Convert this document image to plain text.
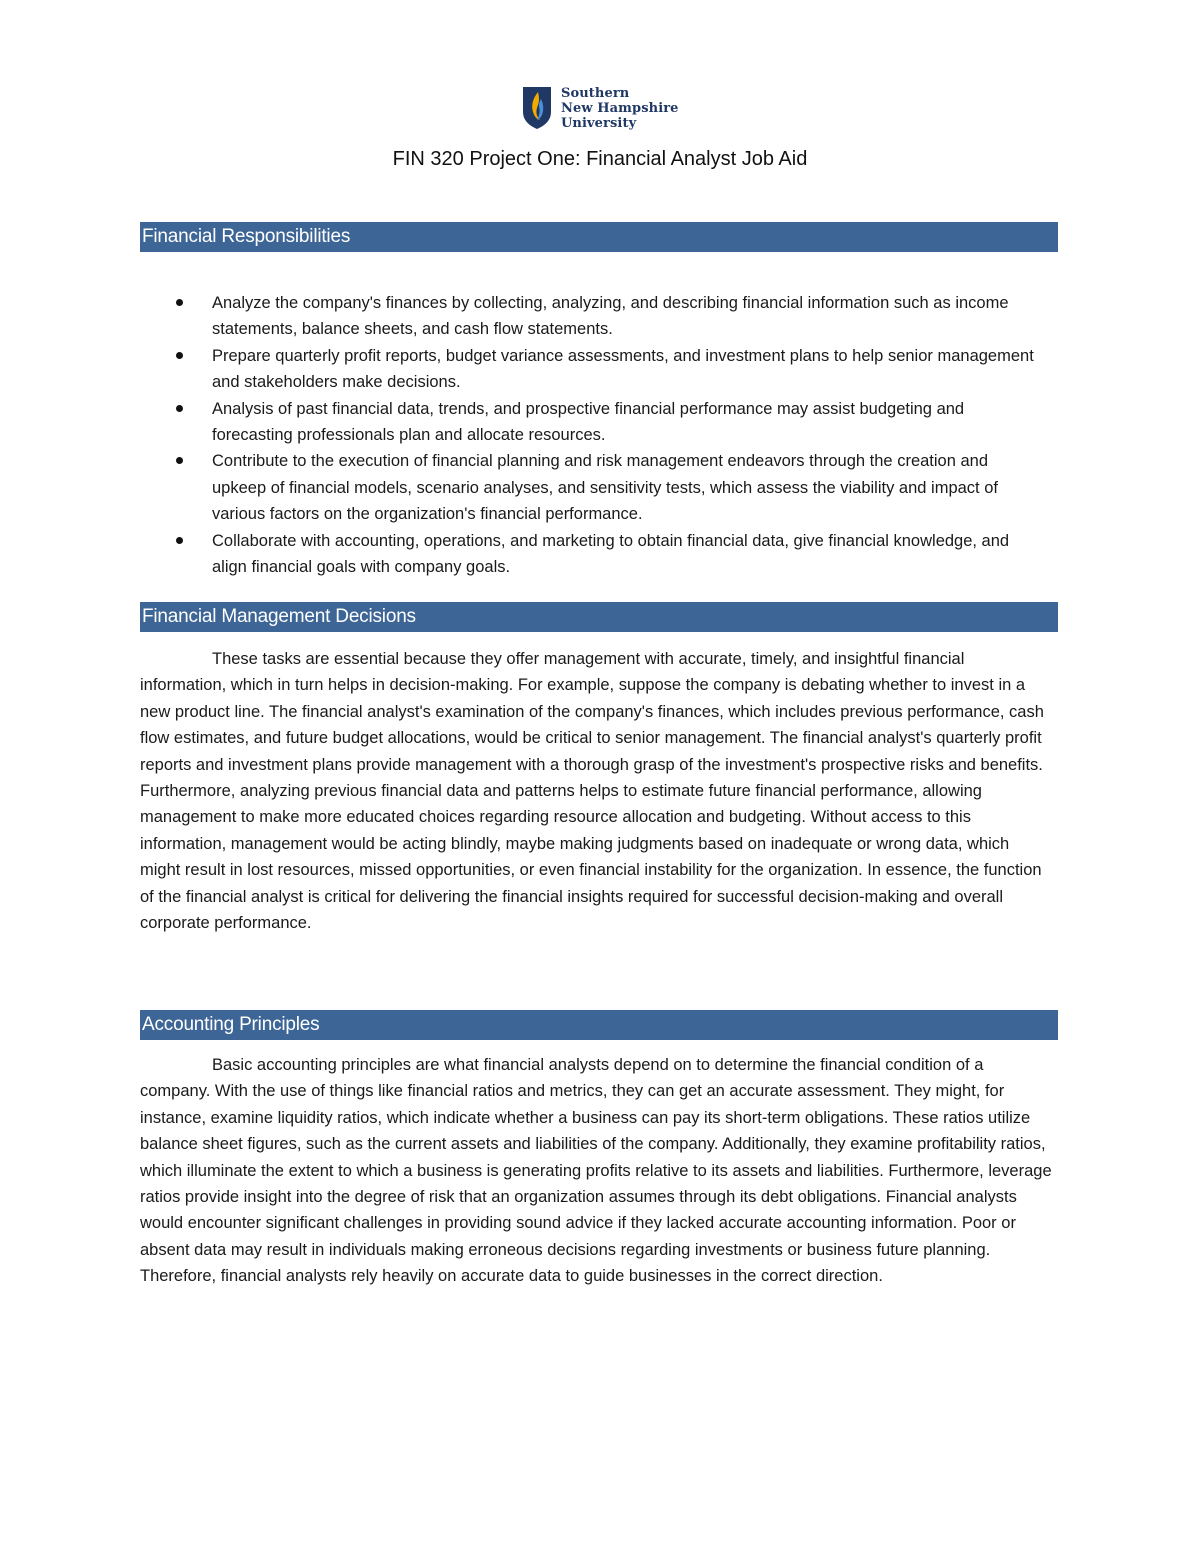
Southern
New Hampshire
University
FIN 320 Project One: Financial Analyst Job Aid
Financial Responsibilities
Analyze the company's finances by collecting, analyzing, and describing financial information such as income statements, balance sheets, and cash flow statements.
Prepare quarterly profit reports, budget variance assessments, and investment plans to help senior management and stakeholders make decisions.
Analysis of past financial data, trends, and prospective financial performance may assist budgeting and forecasting professionals plan and allocate resources.
Contribute to the execution of financial planning and risk management endeavors through the creation and upkeep of financial models, scenario analyses, and sensitivity tests, which assess the viability and impact of various factors on the organization's financial performance.
Collaborate with accounting, operations, and marketing to obtain financial data, give financial knowledge, and align financial goals with company goals.
Financial Management Decisions

These tasks are essential because they offer management with accurate, timely, and insightful financial information, which in turn helps in decision-making. For example, suppose the company is debating whether to invest in a new product line. The financial analyst's examination of the company's finances, which includes previous performance, cash flow estimates, and future budget allocations, would be critical to senior management. The financial analyst's quarterly profit reports and investment plans provide management with a thorough grasp of the investment's prospective risks and benefits. Furthermore, analyzing previous financial data and patterns helps to estimate future financial performance, allowing management to make more educated choices regarding resource allocation and budgeting. Without access to this information, management would be acting blindly, maybe making judgments based on inadequate or wrong data, which might result in lost resources, missed opportunities, or even financial instability for the organization. In essence, the function of the financial analyst is critical for delivering the financial insights required for successful decision-making and overall corporate performance.

Accounting Principles

Basic accounting principles are what financial analysts depend on to determine the financial condition of a company. With the use of things like financial ratios and metrics, they can get an accurate assessment. They might, for instance, examine liquidity ratios, which indicate whether a business can pay its short-term obligations. These ratios utilize balance sheet figures, such as the current assets and liabilities of the company. Additionally, they examine profitability ratios, which illuminate the extent to which a business is generating profits relative to its assets and liabilities. Furthermore, leverage ratios provide insight into the degree of risk that an organization assumes through its debt obligations. Financial analysts would encounter significant challenges in providing sound advice if they lacked accurate accounting information. Poor or absent data may result in individuals making erroneous decisions regarding investments or business future planning. Therefore, financial analysts rely heavily on accurate data to guide businesses in the correct direction.
